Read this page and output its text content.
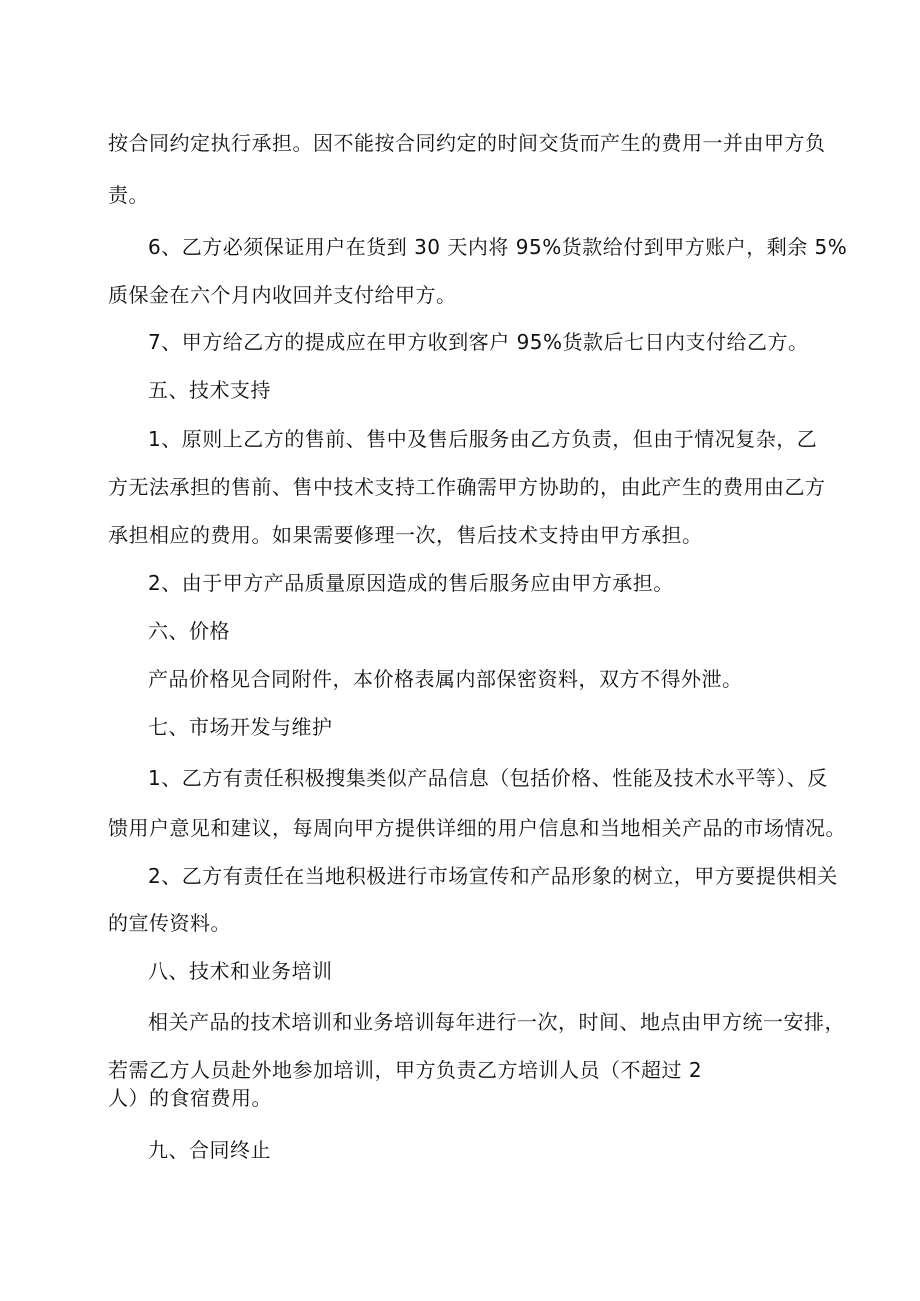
按合同约定执行承担。因不能按合同约定的时间交货而产生的费用一并由甲方负
责。
6、乙方必须保证用户在货到 30 天内将 95%货款给付到甲方账户，剩余 5%
质保金在六个月内收回并支付给甲方。
7、甲方给乙方的提成应在甲方收到客户 95%货款后七日内支付给乙方。
五、技术支持
1、原则上乙方的售前、售中及售后服务由乙方负责，但由于情况复杂，乙
方无法承担的售前、售中技术支持工作确需甲方协助的，由此产生的费用由乙方
承担相应的费用。如果需要修理一次，售后技术支持由甲方承担。
2、由于甲方产品质量原因造成的售后服务应由甲方承担。
六、价格
产品价格见合同附件，本价格表属内部保密资料，双方不得外泄。
七、市场开发与维护
1、乙方有责任积极搜集类似产品信息（包括价格、性能及技术水平等）、反
馈用户意见和建议，每周向甲方提供详细的用户信息和当地相关产品的市场情况。
2、乙方有责任在当地积极进行市场宣传和产品形象的树立，甲方要提供相关
的宣传资料。
八、技术和业务培训
相关产品的技术培训和业务培训每年进行一次，时间、地点由甲方统一安排，
若需乙方人员赴外地参加培训，甲方负责乙方培训人员（不超过 2
人）的食宿费用。
九、合同终止
